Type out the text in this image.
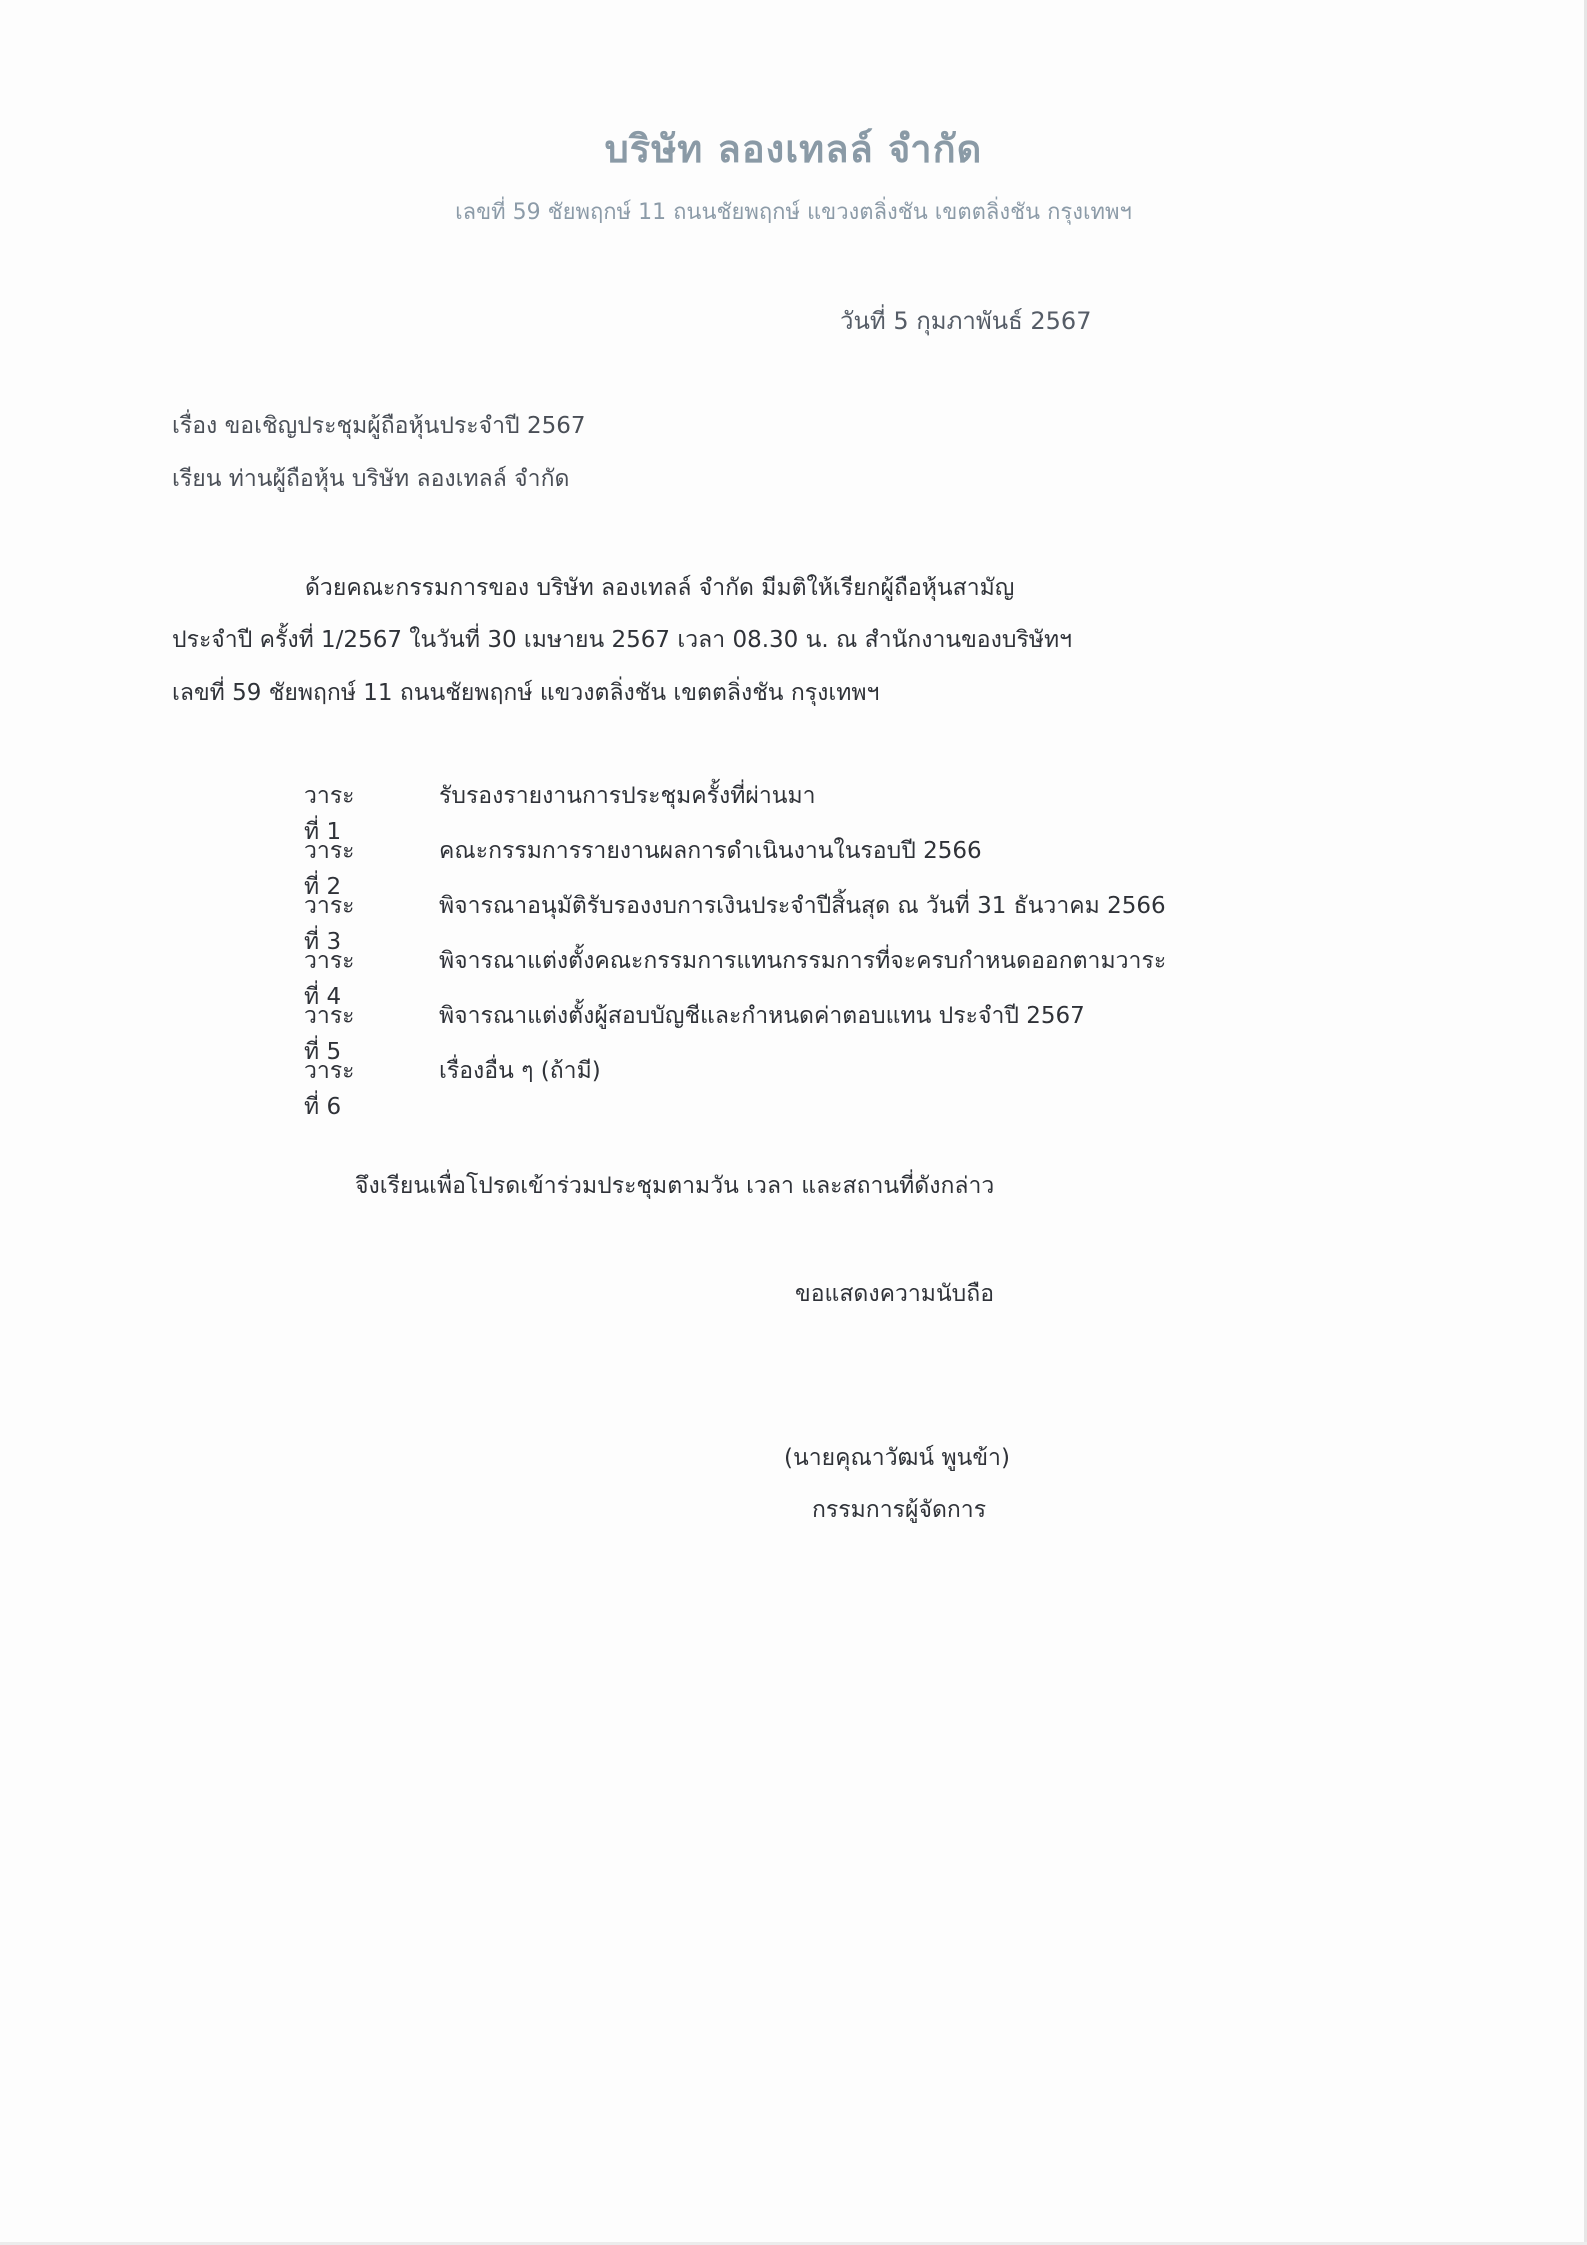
บริษัท ลองเทลล์ จำกัด
เลขที่ 59 ชัยพฤกษ์ 11 ถนนชัยพฤกษ์ แขวงตลิ่งชัน เขตตลิ่งชัน กรุงเทพฯ
วันที่ 5 กุมภาพันธ์ 2567
เรื่อง ขอเชิญประชุมผู้ถือหุ้นประจำปี 2567
เรียน ท่านผู้ถือหุ้น บริษัท ลองเทลล์ จำกัด
ด้วยคณะกรรมการของ บริษัท ลองเทลล์ จำกัด มีมติให้เรียกผู้ถือหุ้นสามัญ
ประจำปี ครั้งที่ 1/2567 ในวันที่ 30 เมษายน 2567 เวลา 08.30 น. ณ สำนักงานของบริษัทฯ
เลขที่ 59 ชัยพฤกษ์ 11 ถนนชัยพฤกษ์ แขวงตลิ่งชัน เขตตลิ่งชัน กรุงเทพฯ
วาระที่ 1
รับรองรายงานการประชุมครั้งที่ผ่านมา
วาระที่ 2
คณะกรรมการรายงานผลการดำเนินงานในรอบปี 2566
วาระที่ 3
พิจารณาอนุมัติรับรองงบการเงินประจำปีสิ้นสุด ณ วันที่ 31 ธันวาคม 2566
วาระที่ 4
พิจารณาแต่งตั้งคณะกรรมการแทนกรรมการที่จะครบกำหนดออกตามวาระ
วาระที่ 5
พิจารณาแต่งตั้งผู้สอบบัญชีและกำหนดค่าตอบแทน ประจำปี 2567
วาระที่ 6
เรื่องอื่น ๆ (ถ้ามี)
จึงเรียนเพื่อโปรดเข้าร่วมประชุมตามวัน เวลา และสถานที่ดังกล่าว
ขอแสดงความนับถือ
(นายคุณาวัฒน์ พูนข้า)
กรรมการผู้จัดการ
